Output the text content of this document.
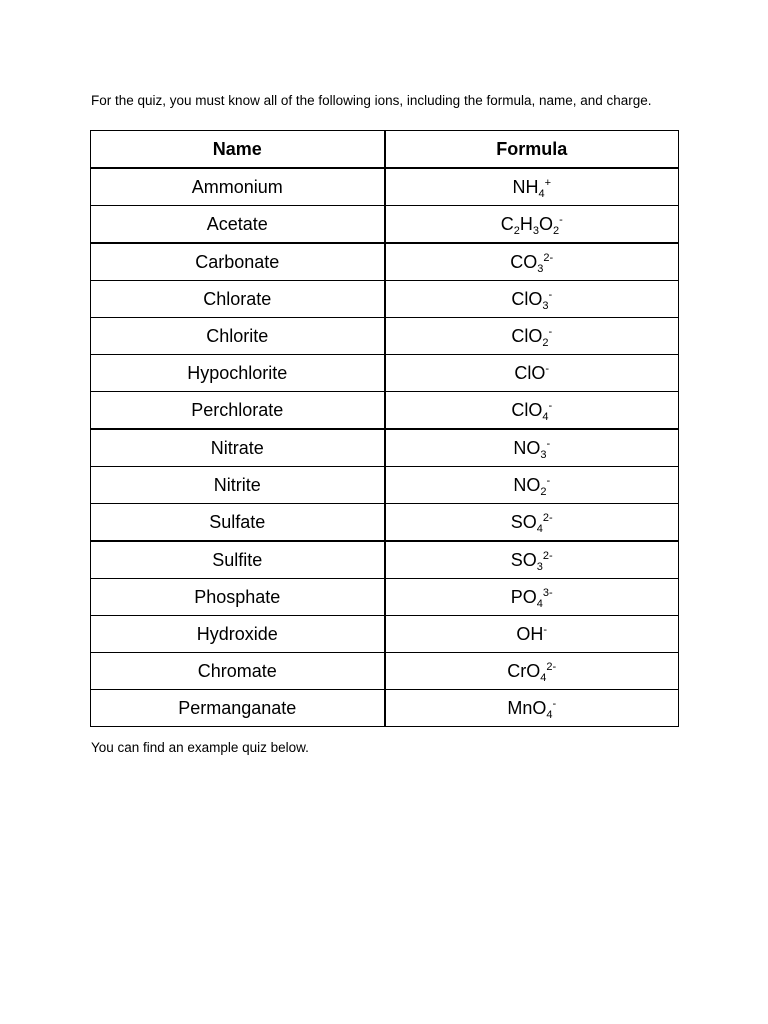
For the quiz, you must know all of the following ions, including the formula, name, and charge.

Name	Formula
Ammonium	$NH_4^+$
Acetate	$C_2H_3O_2^-$
Carbonate	$CO_3^{2-}$
Chlorate	ClO$_3$-
Chlorite	ClO$_2$-
Hypochlorite	ClO-
Perchlorate	ClO$_4$-
Nitrate	$NO_3^-$
Nitrite	$NO_2^-$
Sulfate	$SO_4^{2-}$
Sulfite	$SO_3^{2-}$
Phosphate	$PO_4^{3-}$
Hydroxide	OH-
Chromate	CrO$_4^{2-}$
Permanganate	MnO$_4$-

You can find an example quiz below.
